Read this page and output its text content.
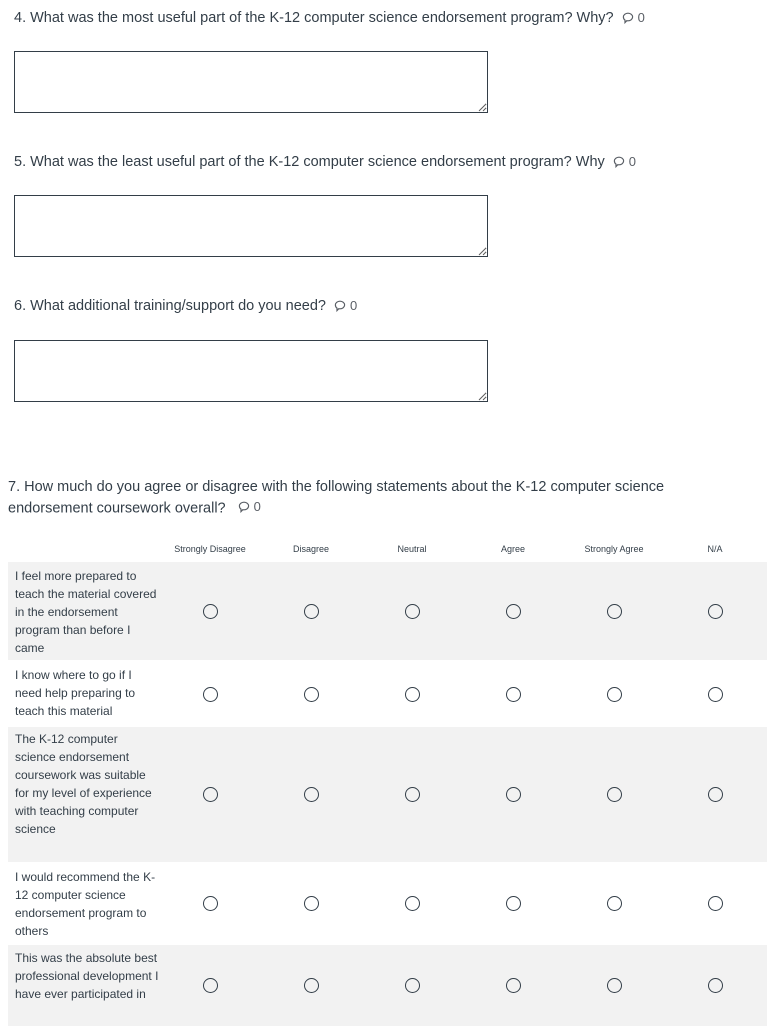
4. What was the most useful part of the K-12 computer science endorsement program? Why? 0
5. What was the least useful part of the K-12 computer science endorsement program? Why 0
6. What additional training/support do you need? 0
7. How much do you agree or disagree with the following statements about the K-12 computer science endorsement coursework overall? 0
Strongly Disagree	Disagree	Neutral	Agree	Strongly Agree	N/A
I feel more prepared to teach the material covered in the endorsement program than before I came
I know where to go if I need help preparing to teach this material
The K-12 computer science endorsement coursework was suitable for my level of experience with teaching computer science
I would recommend the K-12 computer science endorsement program to others
This was the absolute best professional development I have ever participated in
